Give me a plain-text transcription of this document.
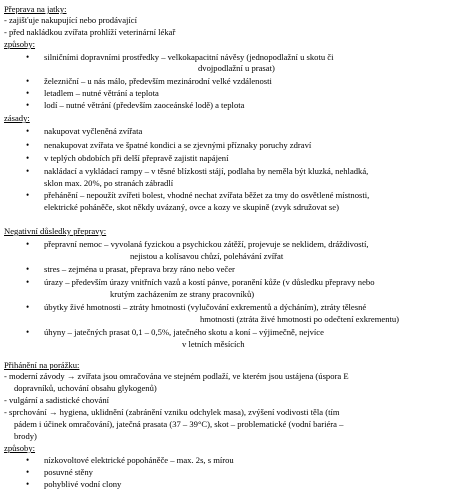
Přeprava na jatky:
- zajišťuje nakupující nebo prodávající
- před nakládkou zvířata prohlíží veterinární lékař
způsoby:
• silničními dopravními prostředky – velkokapacitní návěsy (jednopodlažní u skotu či
dvojpodlažní u prasat)
• železniční – u nás málo, především mezinárodní velké vzdálenosti
• letadlem – nutné větrání a teplota
• lodí – nutné větrání (především zaoceánské lodě) a teplota
zásady:
• nakupovat vyčleněná zvířata
• nenakupovat zvířata ve špatné kondici a se zjevnými příznaky poruchy zdraví
• v teplých obdobích při delší přepravě zajistit napájení
• nakládací a vykládací rampy – v těsné blízkosti stájí, podlaha by neměla být kluzká, nehladká,
sklon max. 20%, po stranách zábradlí
• přehánění – nepoužít zvířeti bolest, vhodné nechat zvířata běžet za tmy do osvětlené místnosti,
elektrické poháněče, skot někdy uvázaný, ovce a kozy ve skupině (zvyk sdružovat se)
Negativní důsledky přepravy:
• přepravní nemoc – vyvolaná fyzickou a psychickou zátěží, projevuje se neklidem, dráždivostí,
nejistou a kolísavou chůzí, polehávání zvířat
• stres – zejména u prasat, přeprava brzy ráno nebo večer
• úrazy – především úrazy vnitřních vazů a kostí pánve, poranění kůže (v důsledku přepravy nebo
krutým zacházením ze strany pracovníků)
• úbytky živé hmotnosti – ztráty hmotnosti (vylučování exkrementů a dýcháním), ztráty tělesné
hmotnosti (ztráta živé hmotnosti po odečtení exkrementu)
• úhyny – jatečných prasat 0,1 – 0,5%, jatečného skotu a koní – výjimečně, nejvíce
v letních měsících
Přihánění na porážku:
- moderní závody → zvířata jsou omračována ve stejném podlaží, ve kterém jsou ustájena (úspora E
dopravníků, uchování obsahu glykogenů)
- vulgární a sadistické chování
- sprchování → hygiena, uklidnění (zabránění vzniku odchylek masa), zvýšení vodivosti těla (tím
pádem i účinek omračování), jatečná prasata (37 – 39°C), skot – problematické (vodní bariéra –
brody)
způsoby:
• nízkovoltové elektrické popoháněče – max. 2s, s mírou
• posuvné stěny
• pohyblivé vodní clony
